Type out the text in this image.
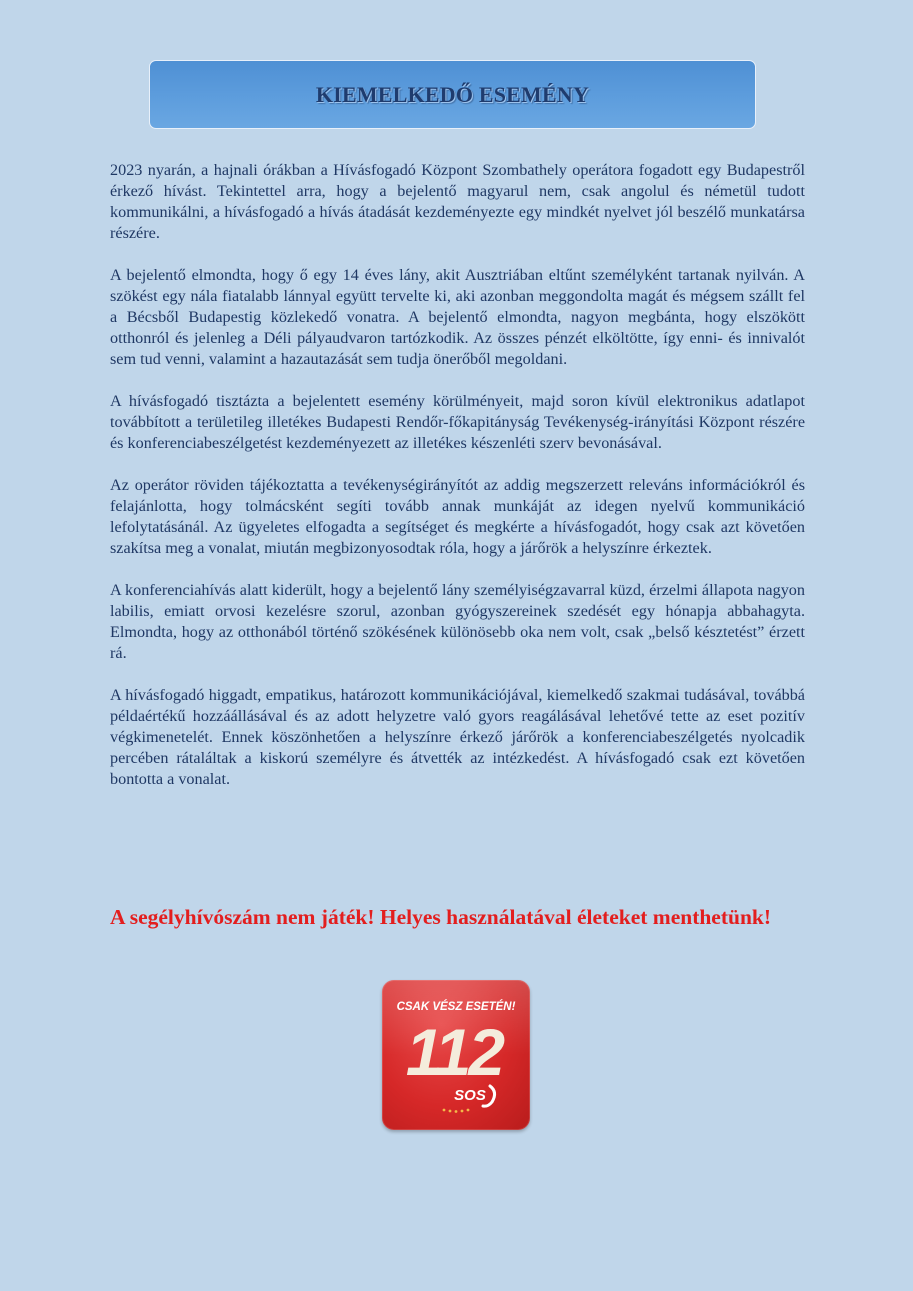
KIEMELKEDŐ ESEMÉNY

2023 nyarán, a hajnali órákban a Hívásfogadó Központ Szombathely operátora fogadott egy Budapestről érkező hívást. Tekintettel arra, hogy a bejelentő magyarul nem, csak angolul és németül tudott kommunikálni, a hívásfogadó a hívás átadását kezdeményezte egy mindkét nyelvet jól beszélő munkatársa részére.

A bejelentő elmondta, hogy ő egy 14 éves lány, akit Ausztriában eltűnt személyként tartanak nyilván. A szökést egy nála fiatalabb lánnyal együtt tervelte ki, aki azonban meggondolta magát és mégsem szállt fel a Bécsből Budapestig közlekedő vonatra. A bejelentő elmondta, nagyon megbánta, hogy elszökött otthonról és jelenleg a Déli pályaudvaron tartózkodik. Az összes pénzét elköltötte, így enni- és innivalót sem tud venni, valamint a hazautazását sem tudja önerőből megoldani.

A hívásfogadó tisztázta a bejelentett esemény körülményeit, majd soron kívül elektronikus adatlapot továbbított a területileg illetékes Budapesti Rendőr-főkapitányság Tevékenység-irányítási Központ részére és konferenciabeszélgetést kezdeményezett az illetékes készenléti szerv bevonásával.

Az operátor röviden tájékoztatta a tevékenységirányítót az addig megszerzett releváns információkról és felajánlotta, hogy tolmácsként segíti tovább annak munkáját az idegen nyelvű kommunikáció lefolytatásánál. Az ügyeletes elfogadta a segítséget és megkérte a hívásfogadót, hogy csak azt követően szakítsa meg a vonalat, miután megbizonyosodtak róla, hogy a járőrök a helyszínre érkeztek.

A konferenciahívás alatt kiderült, hogy a bejelentő lány személyiségzavarral küzd, érzelmi állapota nagyon labilis, emiatt orvosi kezelésre szorul, azonban gyógyszereinek szedését egy hónapja abbahagyta. Elmondta, hogy az otthonából történő szökésének különösebb oka nem volt, csak „belső késztetést” érzett rá.

A hívásfogadó higgadt, empatikus, határozott kommunikációjával, kiemelkedő szakmai tudásával, továbbá példaértékű hozzáállásával és az adott helyzetre való gyors reagálásával lehetővé tette az eset pozitív végkimenetelét. Ennek köszönhetően a helyszínre érkező járőrök a konferenciabeszélgetés nyolcadik percében rátaláltak a kiskorú személyre és átvették az intézkedést. A hívásfogadó csak ezt követően bontotta a vonalat.

A segélyhívószám nem játék! Helyes használatával életeket menthetünk!

CSAK VÉSZ ESETÉN!
112
SOS
